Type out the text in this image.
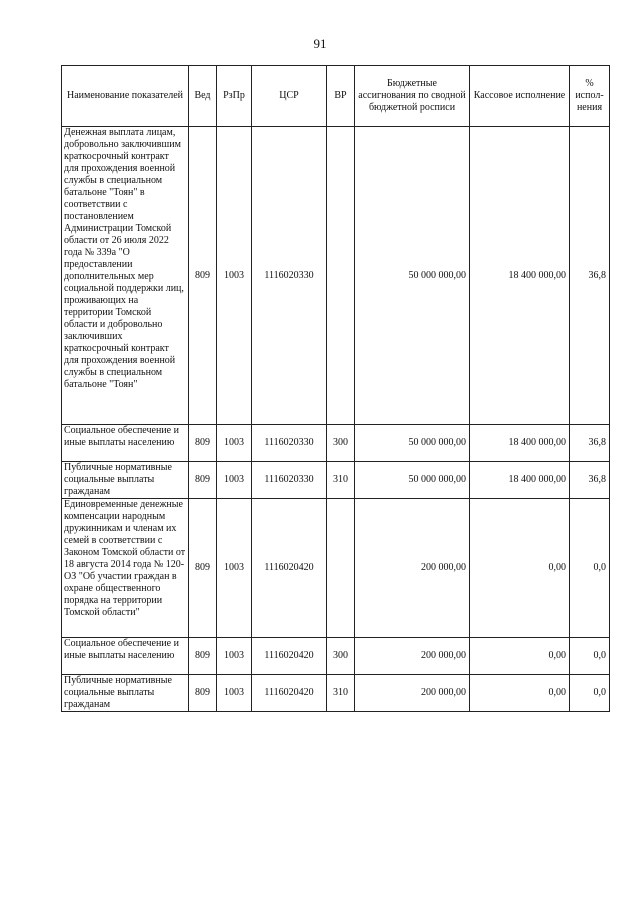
91
Наименование показателей	Вед	РзПр	ЦСР	ВР	Бюджетные ассигнования по сводной бюджетной росписи	Кассовое исполнение	% испол-нения
Денежная выплата лицам, добровольно заключившим краткосрочный контракт для прохождения военной службы в специальном батальоне "Тоян" в соответствии с постановлением Администрации Томской области от 26 июля 2022 года № 339а "О предоставлении дополнительных мер социальной поддержки лиц, проживающих на территории Томской области и добровольно заключивших краткосрочный контракт для прохождения военной службы в специальном батальоне "Тоян"	809	1003	1116020330		50 000 000,00	18 400 000,00	36,8
Социальное обеспечение и иные выплаты населению	809	1003	1116020330	300	50 000 000,00	18 400 000,00	36,8
Публичные нормативные социальные выплаты гражданам	809	1003	1116020330	310	50 000 000,00	18 400 000,00	36,8
Единовременные денежные компенсации народным дружинникам и членам их семей в соответствии с Законом Томской области от 18 августа 2014 года № 120-ОЗ "Об участии граждан в охране общественного порядка на территории Томской области"	809	1003	1116020420		200 000,00	0,00	0,0
Социальное обеспечение и иные выплаты населению	809	1003	1116020420	300	200 000,00	0,00	0,0
Публичные нормативные социальные выплаты гражданам	809	1003	1116020420	310	200 000,00	0,00	0,0
